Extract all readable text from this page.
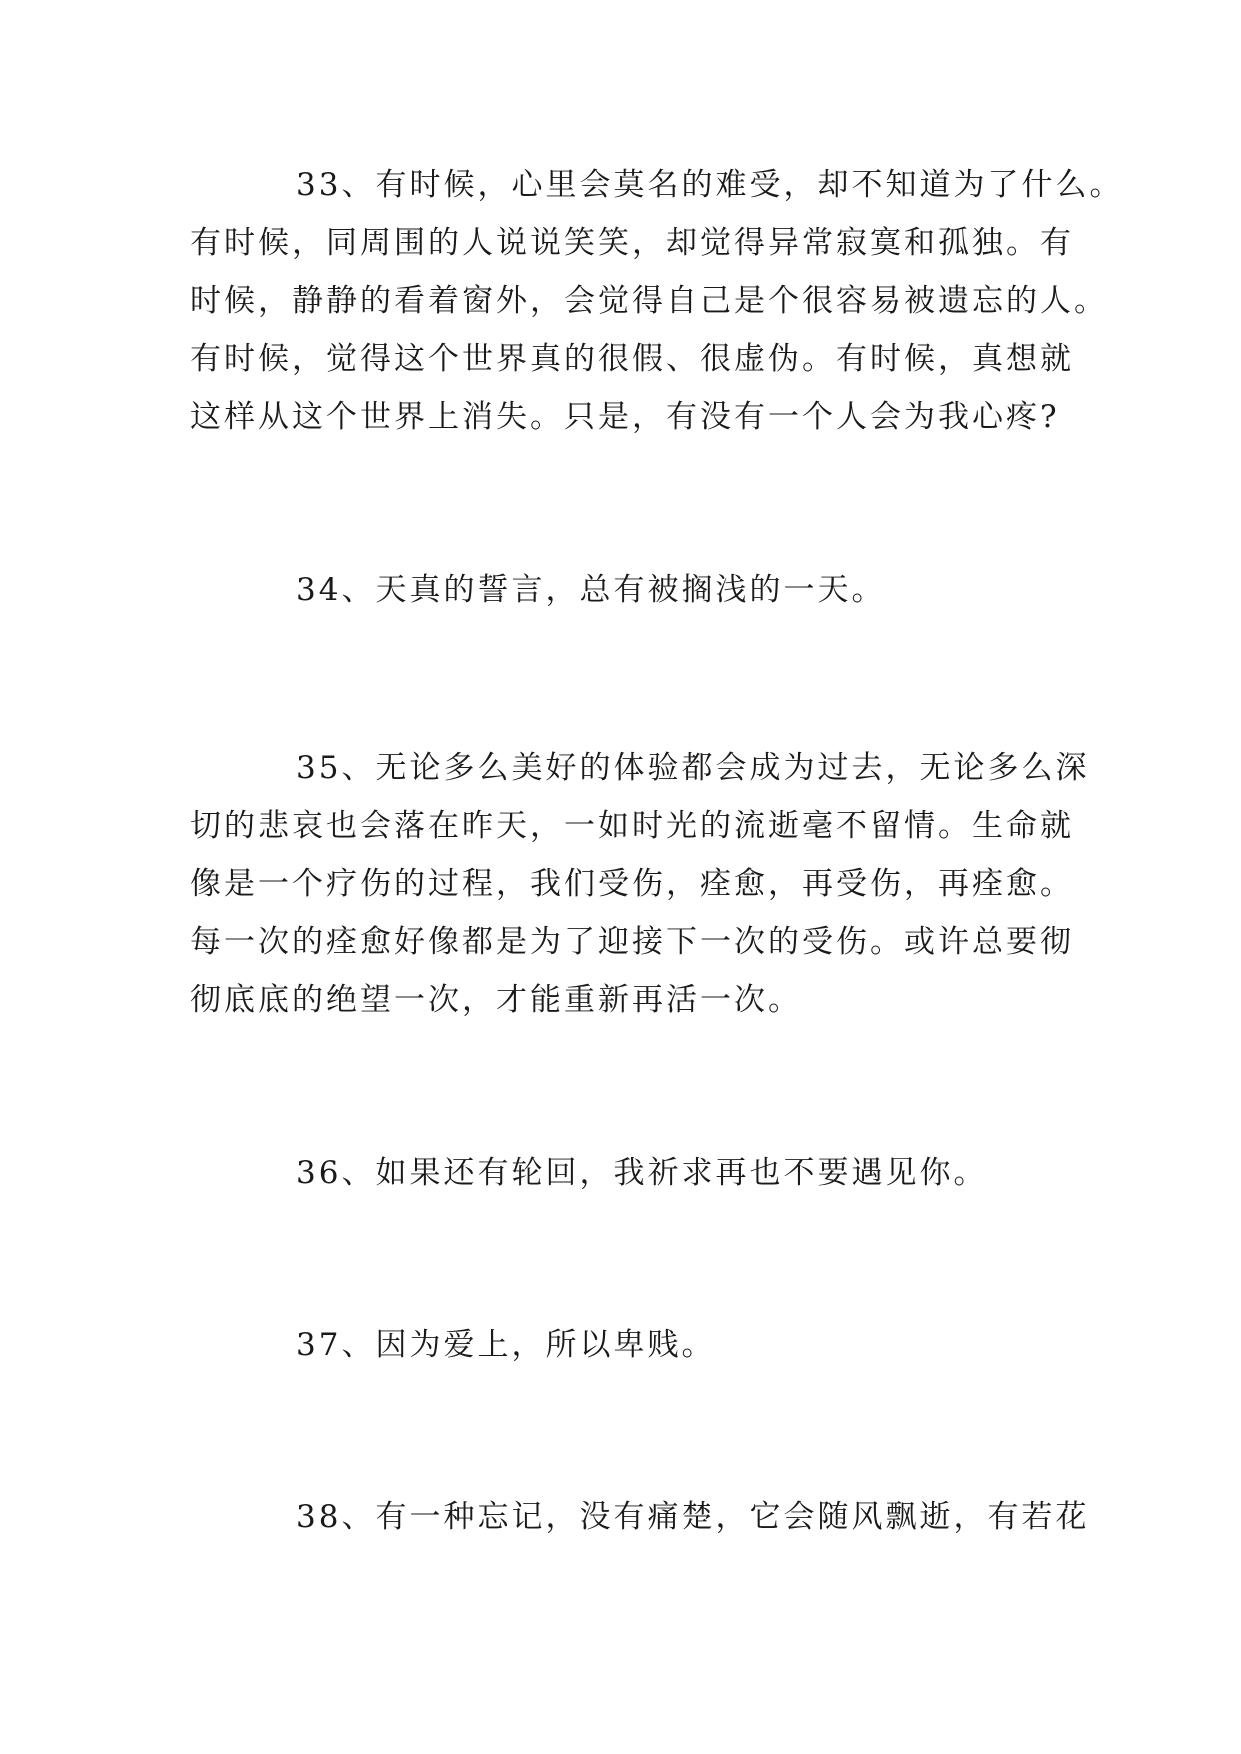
33、有时候，心里会莫名的难受，却不知道为了什么。
有时候，同周围的人说说笑笑，却觉得异常寂寞和孤独。有
时候，静静的看着窗外，会觉得自己是个很容易被遗忘的人。
有时候，觉得这个世界真的很假、很虚伪。有时候，真想就
这样从这个世界上消失。只是，有没有一个人会为我心疼?
34、天真的誓言，总有被搁浅的一天。
35、无论多么美好的体验都会成为过去，无论多么深
切的悲哀也会落在昨天，一如时光的流逝毫不留情。生命就
像是一个疗伤的过程，我们受伤，痊愈，再受伤，再痊愈。
每一次的痊愈好像都是为了迎接下一次的受伤。或许总要彻
彻底底的绝望一次，才能重新再活一次。
36、如果还有轮回，我祈求再也不要遇见你。
37、因为爱上，所以卑贱。
38、有一种忘记，没有痛楚，它会随风飘逝，有若花
